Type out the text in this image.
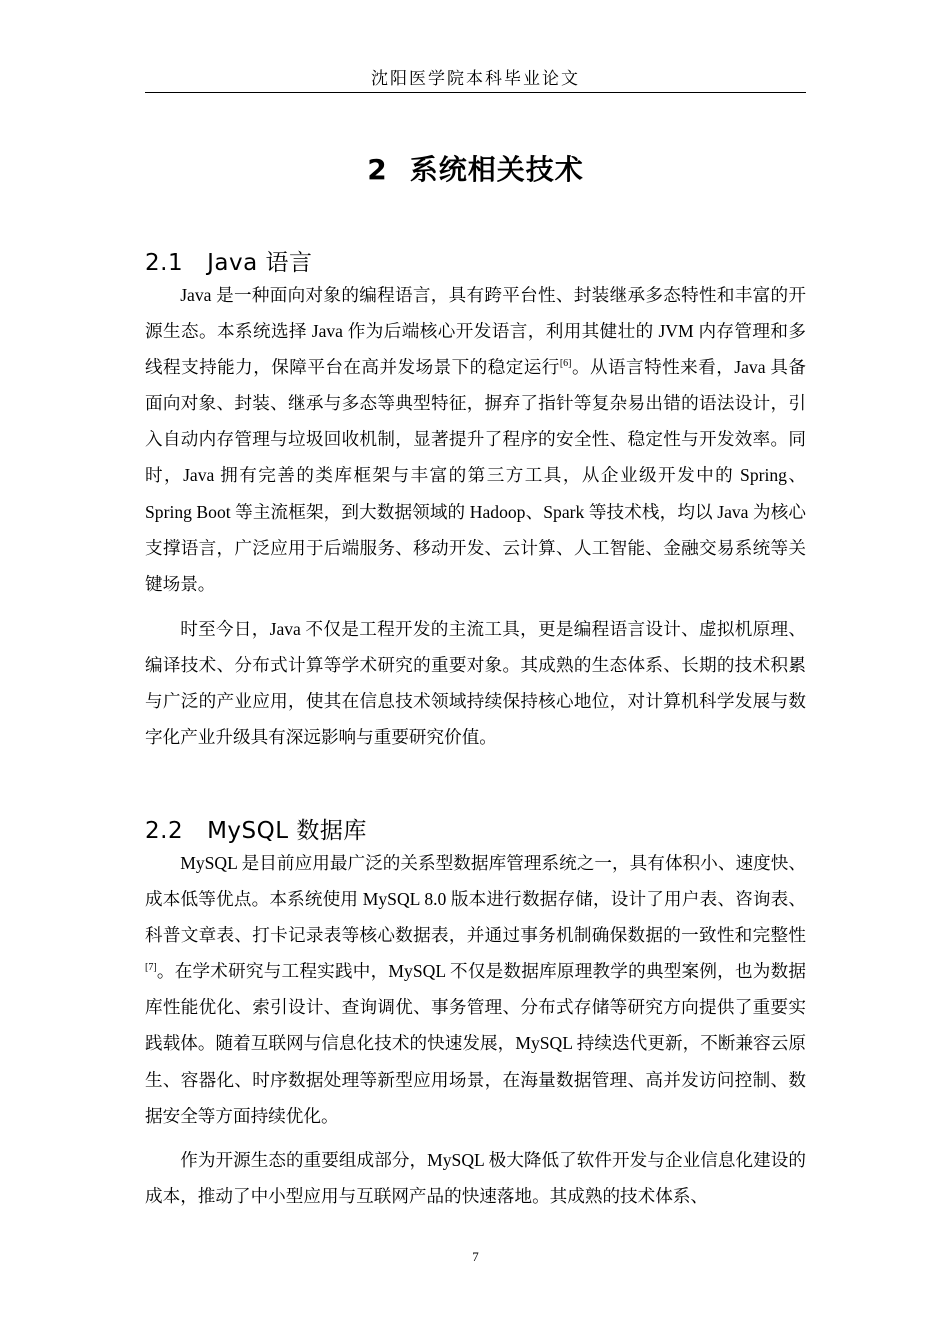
沈阳医学院本科毕业论文
2 系统相关技术
2.1 Java 语言

Java 是一种面向对象的编程语言，具有跨平台性、封装继承多态特性和丰富的开源生态。本系统选择 Java 作为后端核心开发语言，利用其健壮的 JVM 内存管理和多线程支持能力，保障平台在高并发场景下的稳定运行[6]。从语言特性来看，Java 具备面向对象、封装、继承与多态等典型特征，摒弃了指针等复杂易出错的语法设计，引入自动内存管理与垃圾回收机制，显著提升了程序的安全性、稳定性与开发效率。同时，Java 拥有完善的类库框架与丰富的第三方工具，从企业级开发中的 Spring、Spring Boot 等主流框架，到大数据领域的 Hadoop、Spark 等技术栈，均以 Java 为核心支撑语言，广泛应用于后端服务、移动开发、云计算、人工智能、金融交易系统等关键场景。

时至今日，Java 不仅是工程开发的主流工具，更是编程语言设计、虚拟机原理、编译技术、分布式计算等学术研究的重要对象。其成熟的生态体系、长期的技术积累与广泛的产业应用，使其在信息技术领域持续保持核心地位，对计算机科学发展与数字化产业升级具有深远影响与重要研究价值。

2.2 MySQL 数据库

MySQL 是目前应用最广泛的关系型数据库管理系统之一，具有体积小、速度快、成本低等优点。本系统使用 MySQL 8.0 版本进行数据存储，设计了用户表、咨询表、科普文章表、打卡记录表等核心数据表，并通过事务机制确保数据的一致性和完整性[7]。在学术研究与工程实践中，MySQL 不仅是数据库原理教学的典型案例，也为数据库性能优化、索引设计、查询调优、事务管理、分布式存储等研究方向提供了重要实践载体。随着互联网与信息化技术的快速发展，MySQL 持续迭代更新，不断兼容云原生、容器化、时序数据处理等新型应用场景，在海量数据管理、高并发访问控制、数据安全等方面持续优化。

作为开源生态的重要组成部分，MySQL 极大降低了软件开发与企业信息化建设的成本，推动了中小型应用与互联网产品的快速落地。其成熟的技术体系、

7
